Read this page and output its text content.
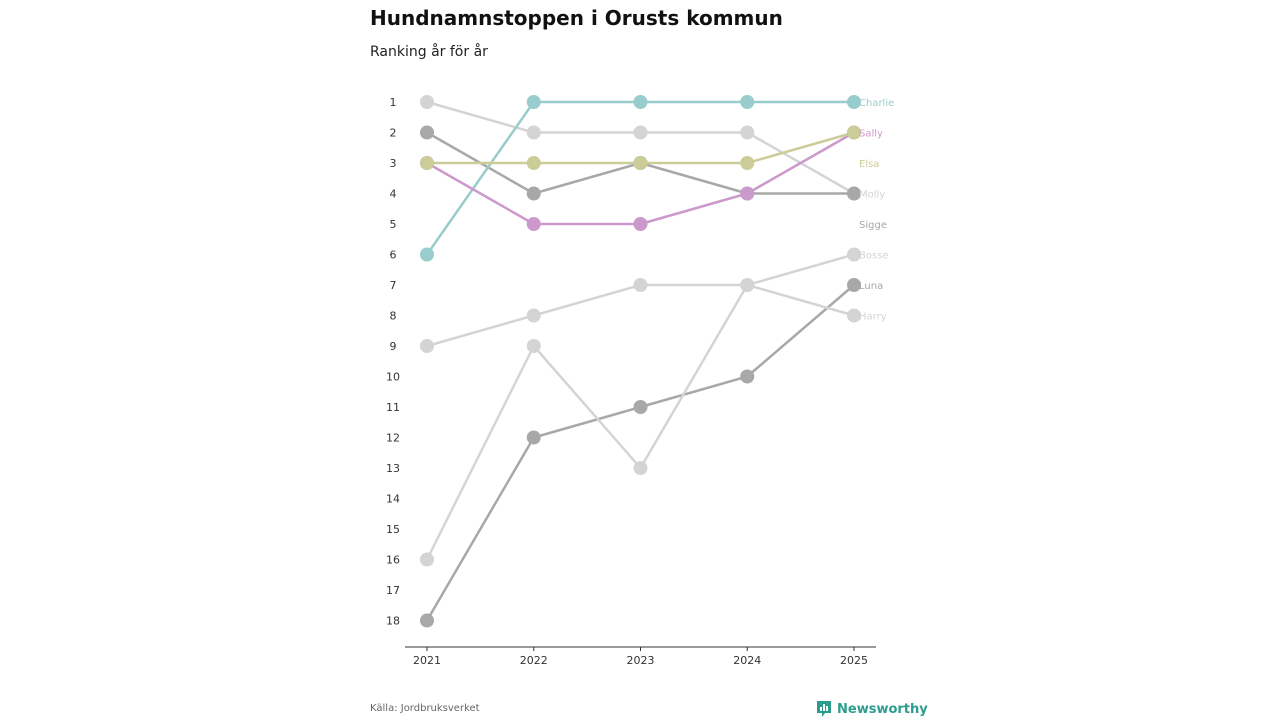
Hundnamnstoppen i Orusts kommun
Ranking år för år
1
2
3
4
5
6
7
8
9
10
11
12
13
14
15
16
17
18
2021	2022	2023	2024	2025
Charlie
Sally
Elsa
Molly
Sigge
Bosse
Luna
Harry
Källa: Jordbruksverket	Newsworthy
